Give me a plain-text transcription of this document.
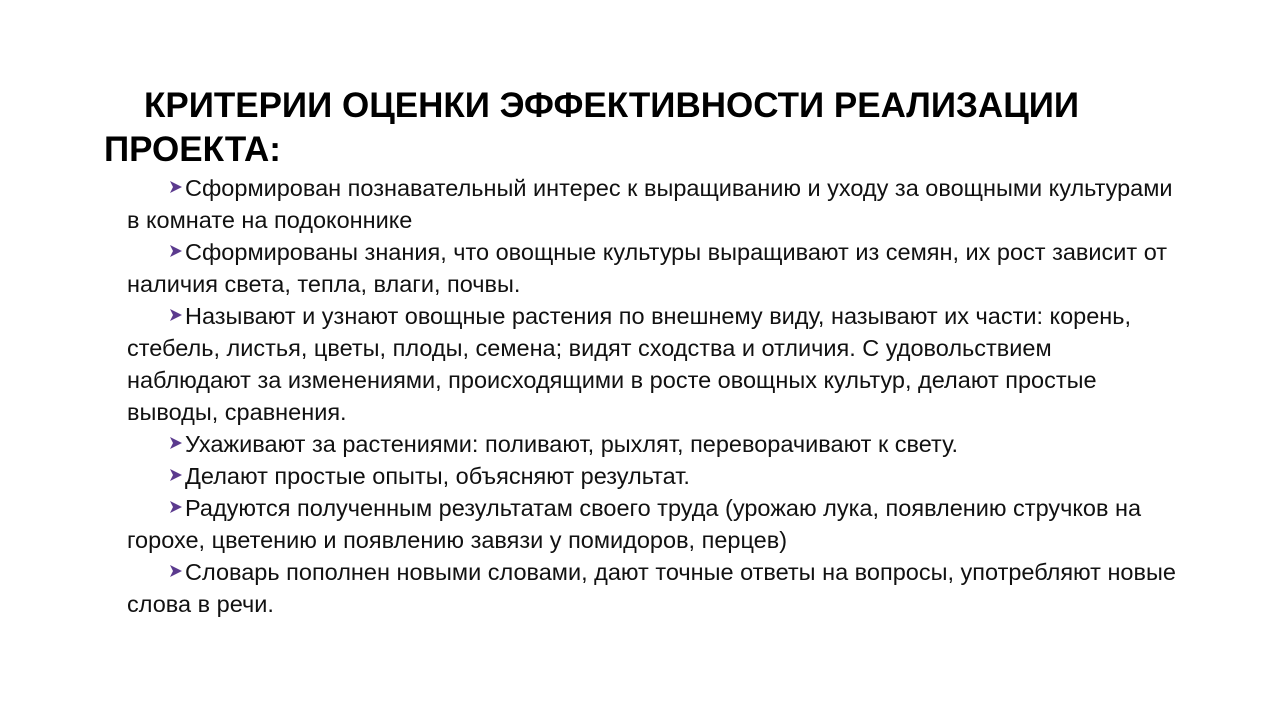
КРИТЕРИИ ОЦЕНКИ ЭФФЕКТИВНОСТИ РЕАЛИЗАЦИИ ПРОЕКТА:
Сформирован познавательный интерес к выращиванию и уходу за овощными культурами в комнате на подоконнике
Сформированы знания, что овощные культуры выращивают из семян, их рост зависит от наличия света, тепла, влаги, почвы.
Называют и узнают овощные растения по внешнему виду, называют их части: корень, стебель, листья, цветы, плоды, семена; видят сходства и отличия. С удовольствием наблюдают за изменениями, происходящими в росте овощных культур, делают простые выводы, сравнения.
Ухаживают за растениями: поливают, рыхлят, переворачивают к свету.
Делают простые опыты, объясняют результат.
Радуются полученным результатам своего труда (урожаю лука, появлению стручков на горохе, цветению и появлению завязи у помидоров, перцев)
Словарь пополнен новыми словами, дают точные ответы на вопросы, употребляют новые слова в речи.
